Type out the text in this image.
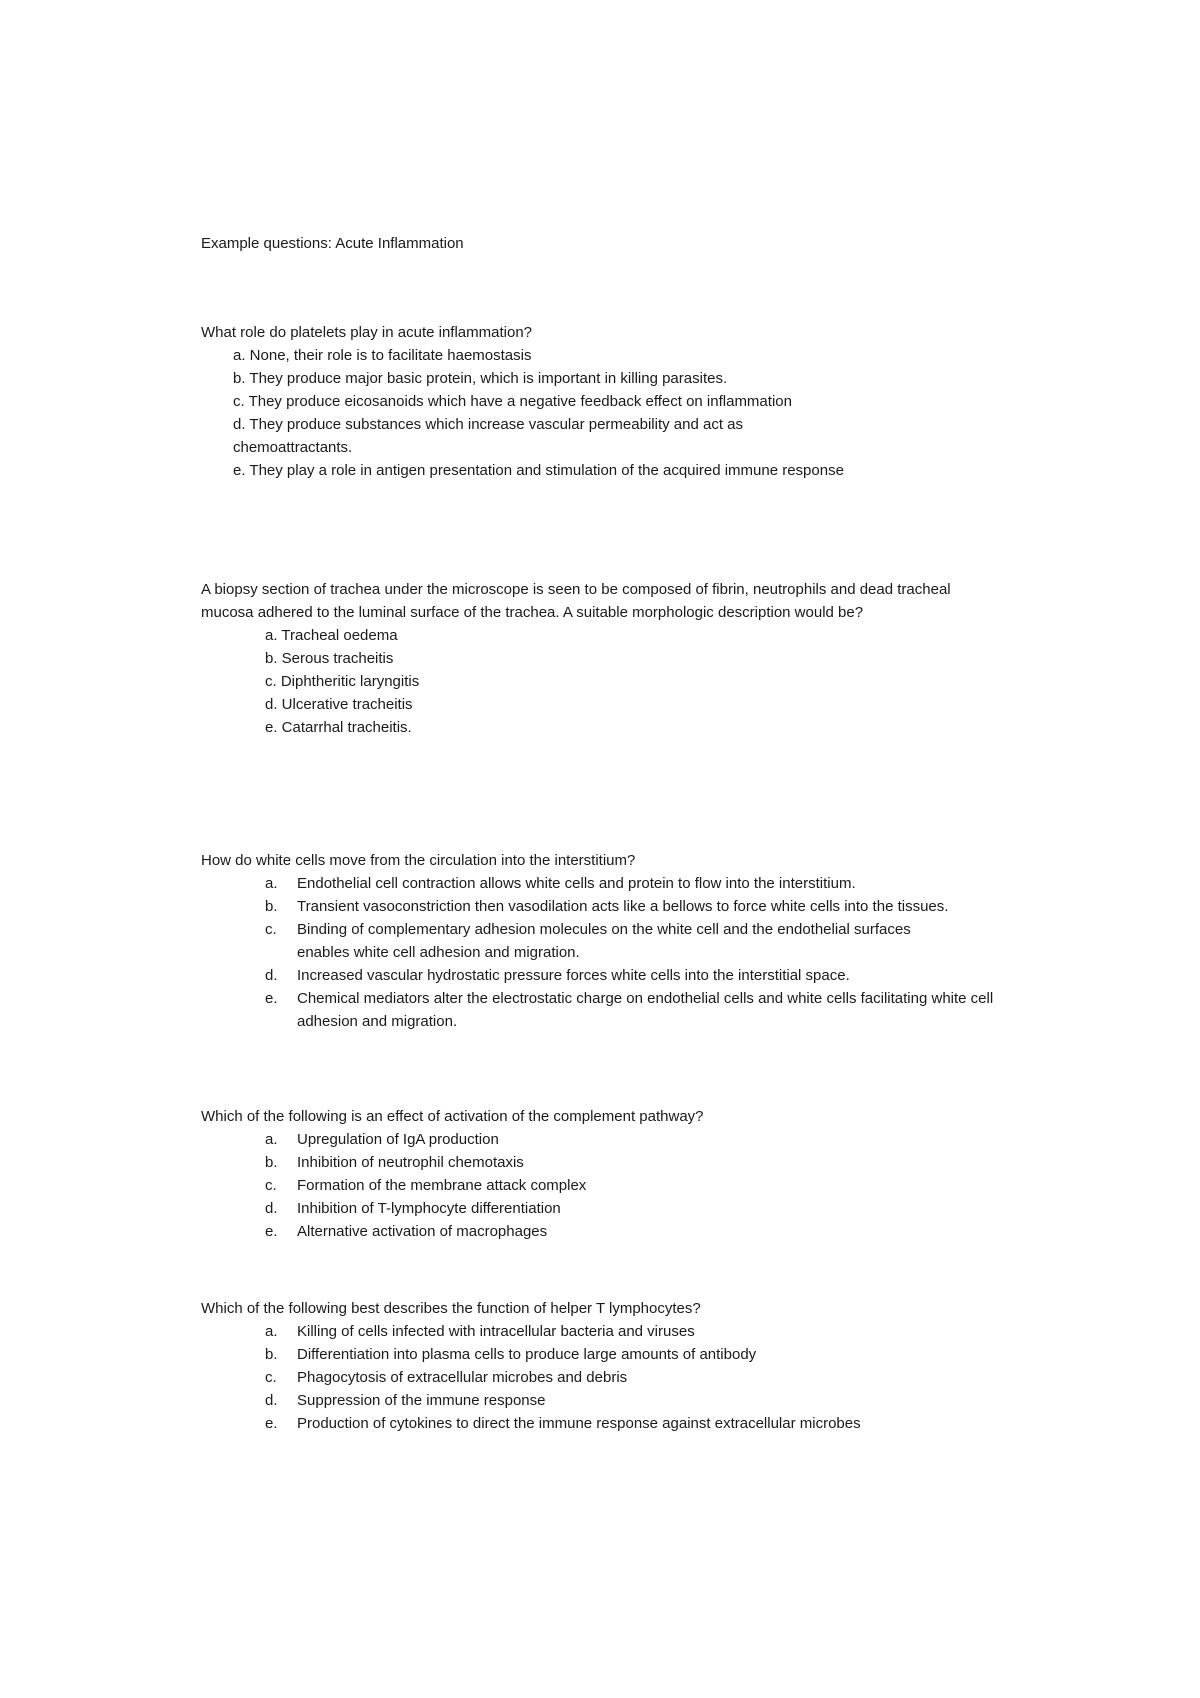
Example questions: Acute Inflammation

What role do platelets play in acute inflammation?

a. None, their role is to facilitate haemostasis
b. They produce major basic protein, which is important in killing parasites.
c. They produce eicosanoids which have a negative feedback effect on inflammation
d. They produce substances which increase vascular permeability and act as chemoattractants.
e. They play a role in antigen presentation and stimulation of the acquired immune response

A biopsy section of trachea under the microscope is seen to be composed of fibrin, neutrophils and dead tracheal mucosa adhered to the luminal surface of the trachea. A suitable morphologic description would be?

a. Tracheal oedema
b. Serous tracheitis
c. Diphtheritic laryngitis
d. Ulcerative tracheitis
e. Catarrhal tracheitis.

How do white cells move from the circulation into the interstitium?

a.	Endothelial cell contraction allows white cells and protein to flow into the interstitium.
b.	Transient vasoconstriction then vasodilation acts like a bellows to force white cells into the tissues.
c.	Binding of complementary adhesion molecules on the white cell and the endothelial surfaces enables white cell adhesion and migration.
d.	Increased vascular hydrostatic pressure forces white cells into the interstitial space.
e.	Chemical mediators alter the electrostatic charge on endothelial cells and white cells facilitating white cell adhesion and migration.

Which of the following is an effect of activation of the complement pathway?

a.	Upregulation of IgA production
b.	Inhibition of neutrophil chemotaxis
c.	Formation of the membrane attack complex
d.	Inhibition of T-lymphocyte differentiation
e.	Alternative activation of macrophages

Which of the following best describes the function of helper T lymphocytes?

a.	Killing of cells infected with intracellular bacteria and viruses
b.	Differentiation into plasma cells to produce large amounts of antibody
c.	Phagocytosis of extracellular microbes and debris
d.	Suppression of the immune response
e.	Production of cytokines to direct the immune response against extracellular microbes
